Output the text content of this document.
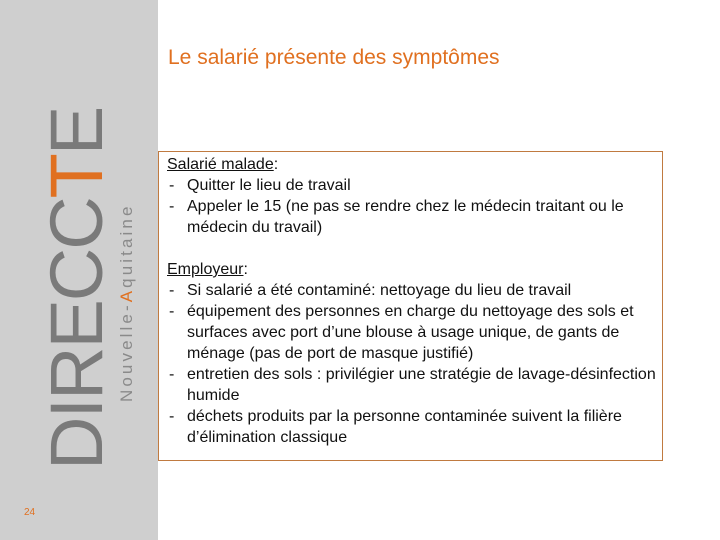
DIRECCTE
Nouvelle-Aquitaine
24
Le salarié présente des symptômes
Salarié malade:
- Quitter le lieu de travail
- Appeler le 15 (ne pas se rendre chez le médecin traitant ou le médecin du travail)
Employeur:
- Si salarié a été contaminé: nettoyage du lieu de travail
- équipement des personnes en charge du nettoyage des sols et surfaces avec port d’une blouse à usage unique, de gants de ménage (pas de port de masque justifié)
- entretien des sols : privilégier une stratégie de lavage-désinfection humide
- déchets produits par la personne contaminée suivent la filière d’élimination classique
